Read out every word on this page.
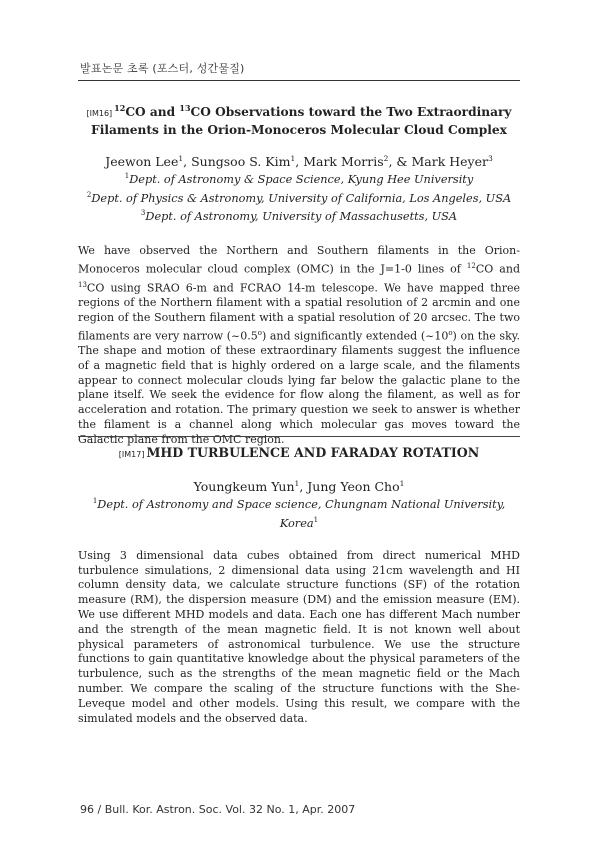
발표논문 초록 (포스터, 성간물질)

$[IM16]^{12}CO$ and $^{13}$CO Observations toward the Two Extraordinary
Filaments in the Orion-Monoceros Molecular Cloud Complex

Jeewon Lee$^1$, Sungsoo S. Kim$^1$, Mark Morris$^2$, & Mark Heyer$^3$
$^1$Dept. of Astronomy & Space Science, Kyung Hee University
$^2$Dept. of Physics & Astronomy, University of California, Los Angeles, USA
$^3$Dept. of Astronomy, University of Massachusetts, USA
We have observed the Northern and Southern filaments in the Orion-Monoceros molecular cloud complex (OMC) in the J=1-0 lines of $^{12}$CO and $^{13}$CO using SRAO 6-m and FCRAO 14-m telescope. We have mapped three regions of the Northern filament with a spatial resolution of 2 arcmin and one region of the Southern filament with a spatial resolution of 20 arcsec. The two filaments are very narrow (~0.5$^o$) and significantly extended (~10$^o$) on the sky. The shape and motion of these extraordinary filaments suggest the influence of a magnetic field that is highly ordered on a large scale, and the filaments appear to connect molecular clouds lying far below the galactic plane to the plane itself. We seek the evidence for flow along the filament, as well as for acceleration and rotation. The primary question we seek to answer is whether the filament is a channel along which molecular gas moves toward the Galactic plane from the OMC region.

[IM17] MHD TURBULENCE AND FARADAY ROTATION

Youngkeum Yun$^1$, Jung Yeon Cho$^1$
$^1$Dept. of Astronomy and Space science, Chungnam National University, Korea$^1$
Using 3 dimensional data cubes obtained from direct numerical MHD turbulence simulations, 2 dimensional data using 21cm wavelength and HI column density data, we calculate structure functions (SF) of the rotation measure (RM), the dispersion measure (DM) and the emission measure (EM). We use different MHD models and data. Each one has different Mach number and the strength of the mean magnetic field. It is not known well about physical parameters of astronomical turbulence. We use the structure functions to gain quantitative knowledge about the physical parameters of the turbulence, such as the strengths of the mean magnetic field or the Mach number. We compare the scaling of the structure functions with the She-Leveque model and other models. Using this result, we compare with the simulated models and the observed data.
96 / Bull. Kor. Astron. Soc. Vol. 32 No. 1, Apr. 2007
